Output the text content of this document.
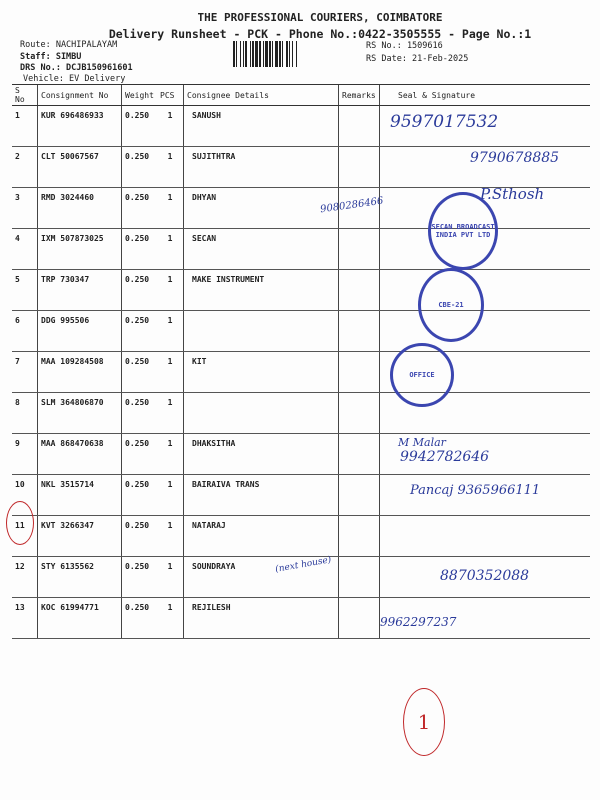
THE PROFESSIONAL COURIERS, COIMBATORE
Delivery Runsheet - PCK - Phone No.:0422-3505555 - Page No.:1
Route: NACHIPALAYAM
Staff: SIMBU
DRS No.: DCJB150961601
Vehicle: EV Delivery
RS No.: 1509616
RS Date: 21-Feb-2025
S No	Consignment No	Weight	PCS	Consignee Details	Remarks	Seal & Signature
1	KUR 696486933	0.250	1	SANUSH		
2	CLT 50067567	0.250	1	SUJITHTRA		
3	RMD 3024460	0.250	1	DHYAN		
4	IXM 507873025	0.250	1	SECAN		
5	TRP 730347	0.250	1	MAKE INSTRUMENT		
6	DDG 995506	0.250	1			
7	MAA 109284508	0.250	1	KIT		
8	SLM 364806870	0.250	1			
9	MAA 868470638	0.250	1	DHAKSITHA		
10	NKL 3515714	0.250	1	BAIRAIVA TRANS		
11	KVT 3266347	0.250	1	NATARAJ		
12	STY 6135562	0.250	1	SOUNDRAYA		
13	KOC 61994771	0.250	1	REJILESH		
9597017532
9790678885
9080286466
P.Sthosh
SECAN BROADCAST INDIA PVT LTD
CBE-21
OFFICE
M Malar
9942782646
Pancaj 9365966111
(next house)
8870352088
9962297237
1
